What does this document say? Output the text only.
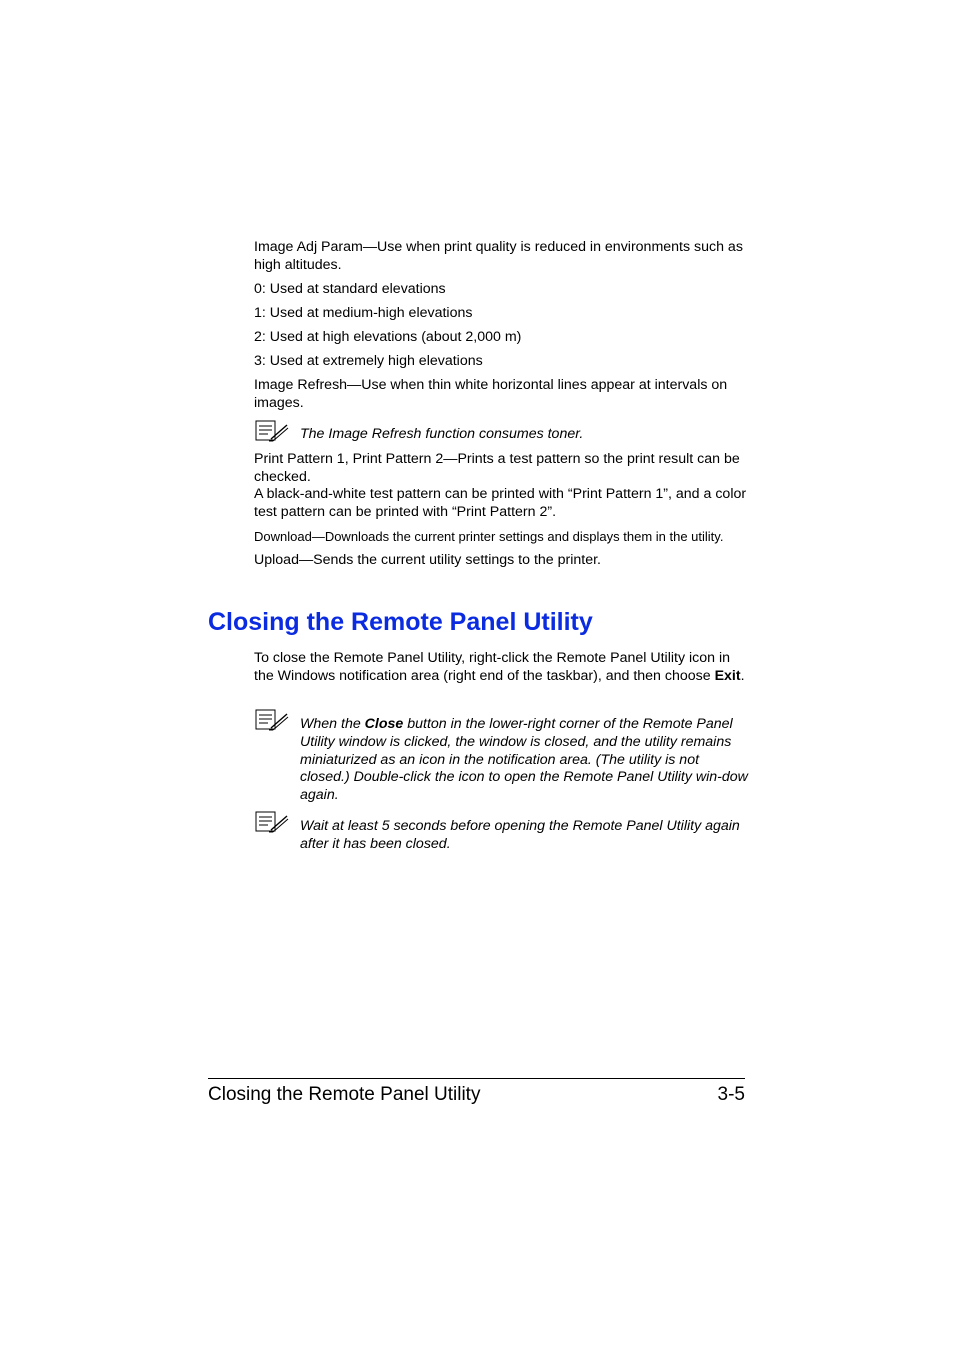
Image Adj Param—Use when print quality is reduced in environments such as high altitudes.

0: Used at standard elevations

1: Used at medium-high elevations

2: Used at high elevations (about 2,000 m)

3: Used at extremely high elevations

Image Refresh—Use when thin white horizontal lines appear at intervals on images.

The Image Refresh function consumes toner.

Print Pattern 1, Print Pattern 2—Prints a test pattern so the print result can be checked.

A black-and-white test pattern can be printed with “Print Pattern 1”, and a color test pattern can be printed with “Print Pattern 2”.

Download—Downloads the current printer settings and displays them in the utility.

Upload—Sends the current utility settings to the printer.

Closing the Remote Panel Utility

To close the Remote Panel Utility, right-click the Remote Panel Utility icon in the Windows notification area (right end of the taskbar), and then choose Exit.

When the Close button in the lower-right corner of the Remote Panel Utility window is clicked, the window is closed, and the utility remains miniaturized as an icon in the notification area. (The utility is not closed.) Double-click the icon to open the Remote Panel Utility win-dow again.

Wait at least 5 seconds before opening the Remote Panel Utility again after it has been closed.

Closing the Remote Panel Utility	3-5
